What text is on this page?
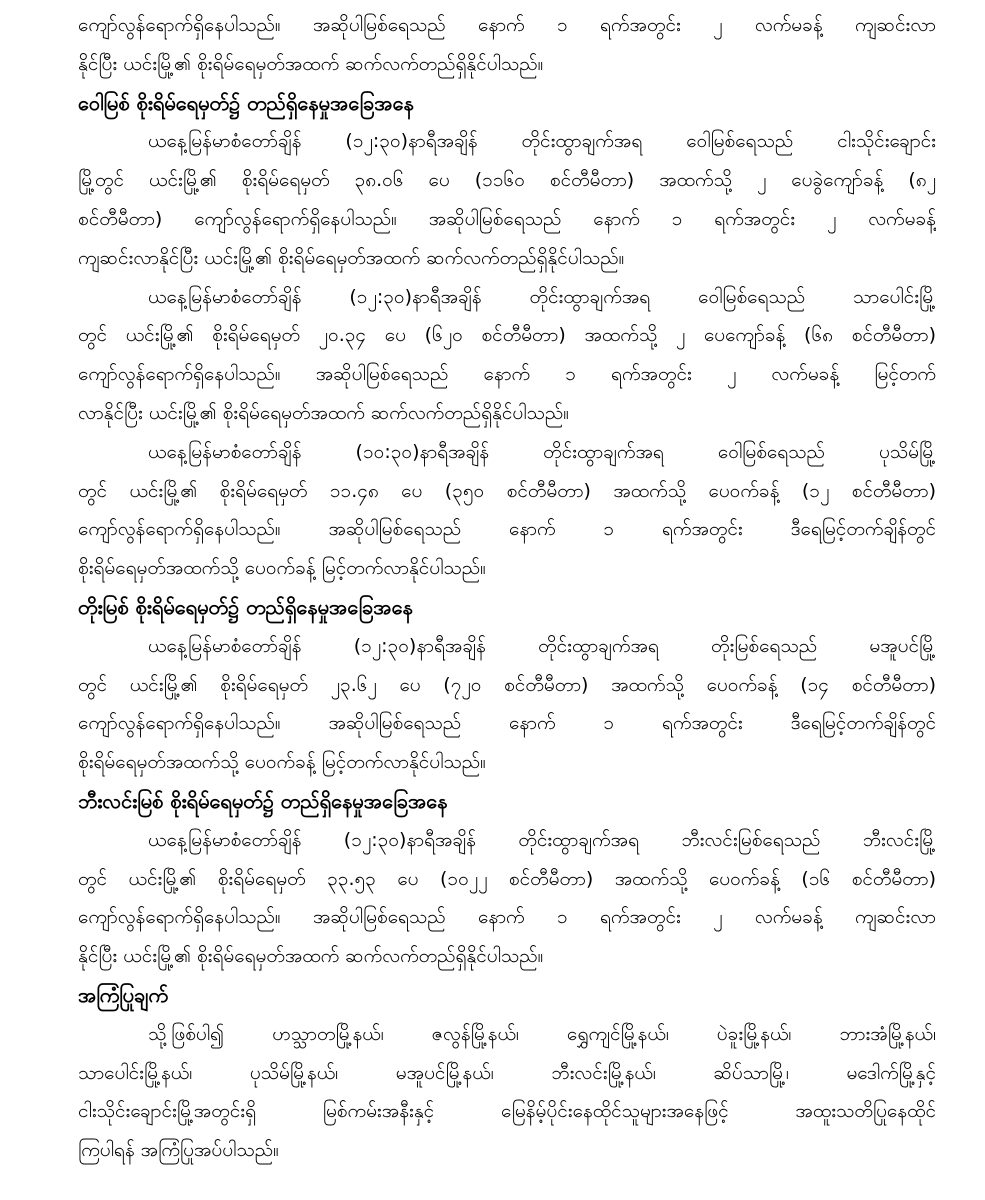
ကျော်လွန်ရောက်ရှိနေပါသည်။ အဆိုပါမြစ်ရေသည် နောက် ၁ ရက်အတွင်း ၂ လက်မခန့် ကျဆင်းလာ
နိုင်ပြီး ယင်းမြို့၏ စိုးရိမ်ရေမှတ်အထက် ဆက်လက်တည်ရှိနိုင်ပါသည်။
ဝေါမြစ် စိုးရိမ်ရေမှတ်၌ တည်ရှိနေမှုအခြေအနေ
ယနေ့မြန်မာစံတော်ချိန် (၁၂:၃၀)နာရီအချိန် တိုင်းထွာချက်အရ ဝေါမြစ်ရေသည် ငါးသိုင်းချောင်း
မြို့တွင် ယင်းမြို့၏ စိုးရိမ်ရေမှတ် ၃၈.၀၆ ပေ (၁၁၆၀ စင်တီမီတာ) အထက်သို့ ၂ ပေခွဲကျော်ခန့် (၈၂
စင်တီမီတာ) ကျော်လွန်ရောက်ရှိနေပါသည်။ အဆိုပါမြစ်ရေသည် နောက် ၁ ရက်အတွင်း ၂ လက်မခန့်
ကျဆင်းလာနိုင်ပြီး ယင်းမြို့၏ စိုးရိမ်ရေမှတ်အထက် ဆက်လက်တည်ရှိနိုင်ပါသည်။
ယနေ့မြန်မာစံတော်ချိန် (၁၂:၃၀)နာရီအချိန် တိုင်းထွာချက်အရ ဝေါမြစ်ရေသည် သာပေါင်းမြို့
တွင် ယင်းမြို့၏ စိုးရိမ်ရေမှတ် ၂၀.၃၄ ပေ (၆၂၀ စင်တီမီတာ) အထက်သို့ ၂ ပေကျော်ခန့် (၆၈ စင်တီမီတာ)
ကျော်လွန်ရောက်ရှိနေပါသည်။ အဆိုပါမြစ်ရေသည် နောက် ၁ ရက်အတွင်း ၂ လက်မခန့် မြင့်တက်
လာနိုင်ပြီး ယင်းမြို့၏ စိုးရိမ်ရေမှတ်အထက် ဆက်လက်တည်ရှိနိုင်ပါသည်။
ယနေ့မြန်မာစံတော်ချိန် (၁၀:၃၀)နာရီအချိန် တိုင်းထွာချက်အရ ဝေါမြစ်ရေသည် ပုသိမ်မြို့
တွင် ယင်းမြို့၏ စိုးရိမ်ရေမှတ် ၁၁.၄၈ ပေ (၃၅၀ စင်တီမီတာ) အထက်သို့ ပေဝက်ခန့် (၁၂ စင်တီမီတာ)
ကျော်လွန်ရောက်ရှိနေပါသည်။ အဆိုပါမြစ်ရေသည် နောက် ၁ ရက်အတွင်း ဒီရေမြင့်တက်ချိန်တွင်
စိုးရိမ်ရေမှတ်အထက်သို့ ပေဝက်ခန့် မြင့်တက်လာနိုင်ပါသည်။
တိုးမြစ် စိုးရိမ်ရေမှတ်၌ တည်ရှိနေမှုအခြေအနေ
ယနေ့မြန်မာစံတော်ချိန် (၁၂:၃၀)နာရီအချိန် တိုင်းထွာချက်အရ တိုးမြစ်ရေသည် မအူပင်မြို့
တွင် ယင်းမြို့၏ စိုးရိမ်ရေမှတ် ၂၃.၆၂ ပေ (၇၂၀ စင်တီမီတာ) အထက်သို့ ပေဝက်ခန့် (၁၄ စင်တီမီတာ)
ကျော်လွန်ရောက်ရှိနေပါသည်။ အဆိုပါမြစ်ရေသည် နောက် ၁ ရက်အတွင်း ဒီရေမြင့်တက်ချိန်တွင်
စိုးရိမ်ရေမှတ်အထက်သို့ ပေဝက်ခန့် မြင့်တက်လာနိုင်ပါသည်။
ဘီးလင်းမြစ် စိုးရိမ်ရေမှတ်၌ တည်ရှိနေမှုအခြေအနေ
ယနေ့မြန်မာစံတော်ချိန် (၁၂:၃၀)နာရီအချိန် တိုင်းထွာချက်အရ ဘီးလင်းမြစ်ရေသည် ဘီးလင်းမြို့
တွင် ယင်းမြို့၏ စိုးရိမ်ရေမှတ် ၃၃.၅၃ ပေ (၁၀၂၂ စင်တီမီတာ) အထက်သို့ ပေဝက်ခန့် (၁၆ စင်တီမီတာ)
ကျော်လွန်ရောက်ရှိနေပါသည်။ အဆိုပါမြစ်ရေသည် နောက် ၁ ရက်အတွင်း ၂ လက်မခန့် ကျဆင်းလာ
နိုင်ပြီး ယင်းမြို့၏ စိုးရိမ်ရေမှတ်အထက် ဆက်လက်တည်ရှိနိုင်ပါသည်။
အကြံပြုချက်
သို့ဖြစ်ပါ၍ ဟသ္သာတမြို့နယ်၊ ဇလွန်မြို့နယ်၊ ရွှေကျင်မြို့နယ်၊ ပဲခူးမြို့နယ်၊ ဘားအံမြို့နယ်၊
သာပေါင်းမြို့နယ်၊ ပုသိမ်မြို့နယ်၊ မအူပင်မြို့နယ်၊ ဘီးလင်းမြို့နယ်၊ ဆိပ်သာမြို့၊ မဒေါက်မြို့နှင့်
ငါးသိုင်းချောင်းမြို့အတွင်းရှိ မြစ်ကမ်းအနီးနှင့် မြေနိမ့်ပိုင်းနေထိုင်သူများအနေဖြင့် အထူးသတိပြုနေထိုင်
ကြပါရန် အကြံပြုအပ်ပါသည်။
